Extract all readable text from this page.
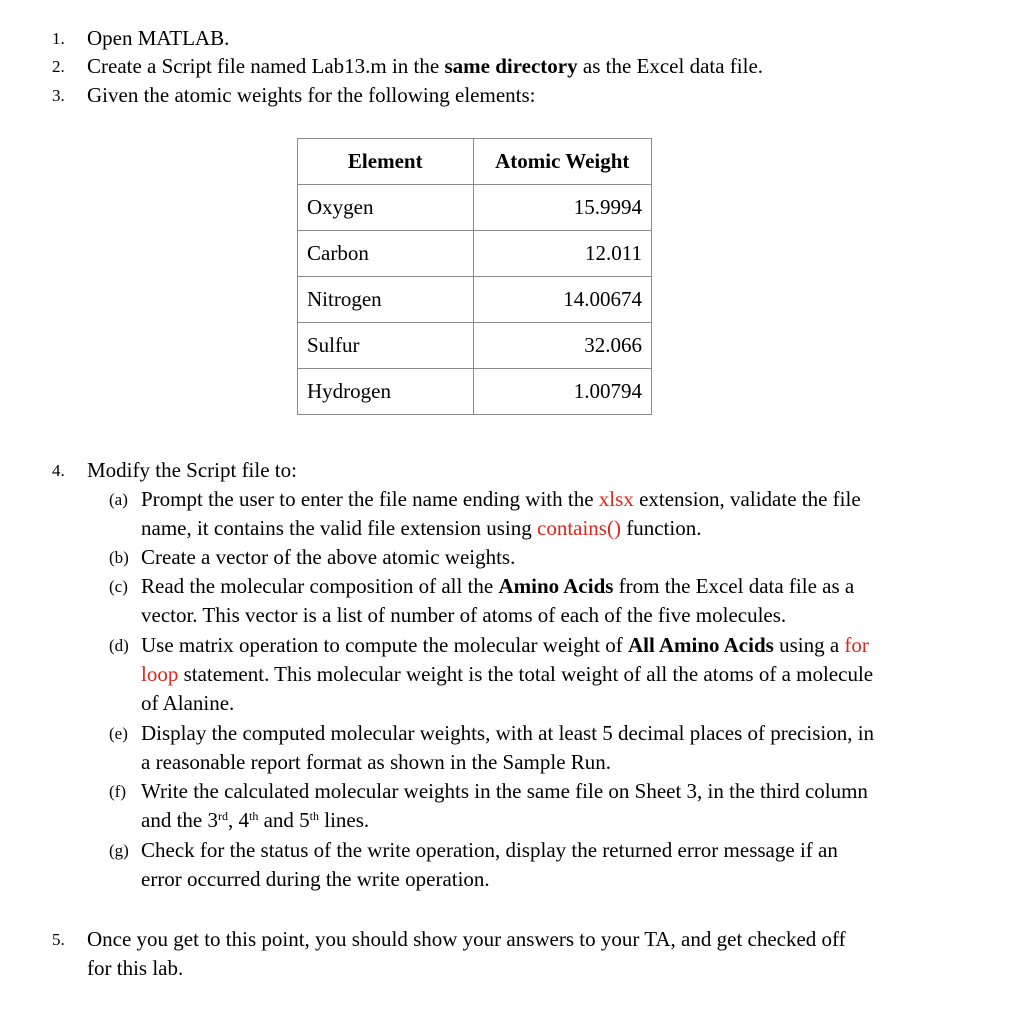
1. Open MATLAB.
2. Create a Script file named Lab13.m in the same directory as the Excel data file.
3. Given the atomic weights for the following elements:
Element	Atomic Weight
Oxygen	15.9994
Carbon	12.011
Nitrogen	14.00674
Sulfur	32.066
Hydrogen	1.00794
4. Modify the Script file to:
(a) Prompt the user to enter the file name ending with the xlsx extension, validate the file
name, it contains the valid file extension using contains() function.
(b) Create a vector of the above atomic weights.
(c) Read the molecular composition of all the Amino Acids from the Excel data file as a
vector. This vector is a list of number of atoms of each of the five molecules.
(d) Use matrix operation to compute the molecular weight of All Amino Acids using a for
loop statement. This molecular weight is the total weight of all the atoms of a molecule
of Alanine.
(e) Display the computed molecular weights, with at least 5 decimal places of precision, in
a reasonable report format as shown in the Sample Run.
(f) Write the calculated molecular weights in the same file on Sheet 3, in the third column
and the 3rd, 4th and 5th lines.
(g) Check for the status of the write operation, display the returned error message if an
error occurred during the write operation.
5. Once you get to this point, you should show your answers to your TA, and get checked off
for this lab.
